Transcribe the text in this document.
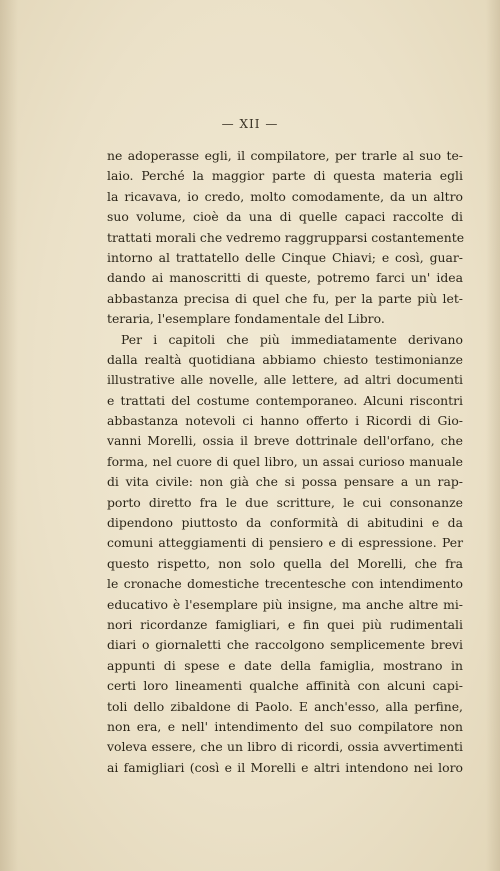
— XII —
ne adoperasse egli, il compilatore, per trarle al suo te-
laio. Perché la maggior parte di questa materia egli
la ricavava, io credo, molto comodamente, da un altro
suo volume, cioè da una di quelle capaci raccolte di
trattati morali che vedremo raggrupparsi costantemente
intorno al trattatello delle Cinque Chiavi; e così, guar-
dando ai manoscritti di queste, potremo farci un' idea
abbastanza precisa di quel che fu, per la parte più let-
teraria, l'esemplare fondamentale del Libro.
Per i capitoli che più immediatamente derivano
dalla realtà quotidiana abbiamo chiesto testimonianze
illustrative alle novelle, alle lettere, ad altri documenti
e trattati del costume contemporaneo. Alcuni riscontri
abbastanza notevoli ci hanno offerto i Ricordi di Gio-
vanni Morelli, ossia il breve dottrinale dell'orfano, che
forma, nel cuore di quel libro, un assai curioso manuale
di vita civile: non già che si possa pensare a un rap-
porto diretto fra le due scritture, le cui consonanze
dipendono piuttosto da conformità di abitudini e da
comuni atteggiamenti di pensiero e di espressione. Per
questo rispetto, non solo quella del Morelli, che fra
le cronache domestiche trecentesche con intendimento
educativo è l'esemplare più insigne, ma anche altre mi-
nori ricordanze famigliari, e fin quei più rudimentali
diari o giornaletti che raccolgono semplicemente brevi
appunti di spese e date della famiglia, mostrano in
certi loro lineamenti qualche affinità con alcuni capi-
toli dello zibaldone di Paolo. E anch'esso, alla perfine,
non era, e nell' intendimento del suo compilatore non
voleva essere, che un libro di ricordi, ossia avvertimenti
ai famigliari (così e il Morelli e altri intendono nei loro
